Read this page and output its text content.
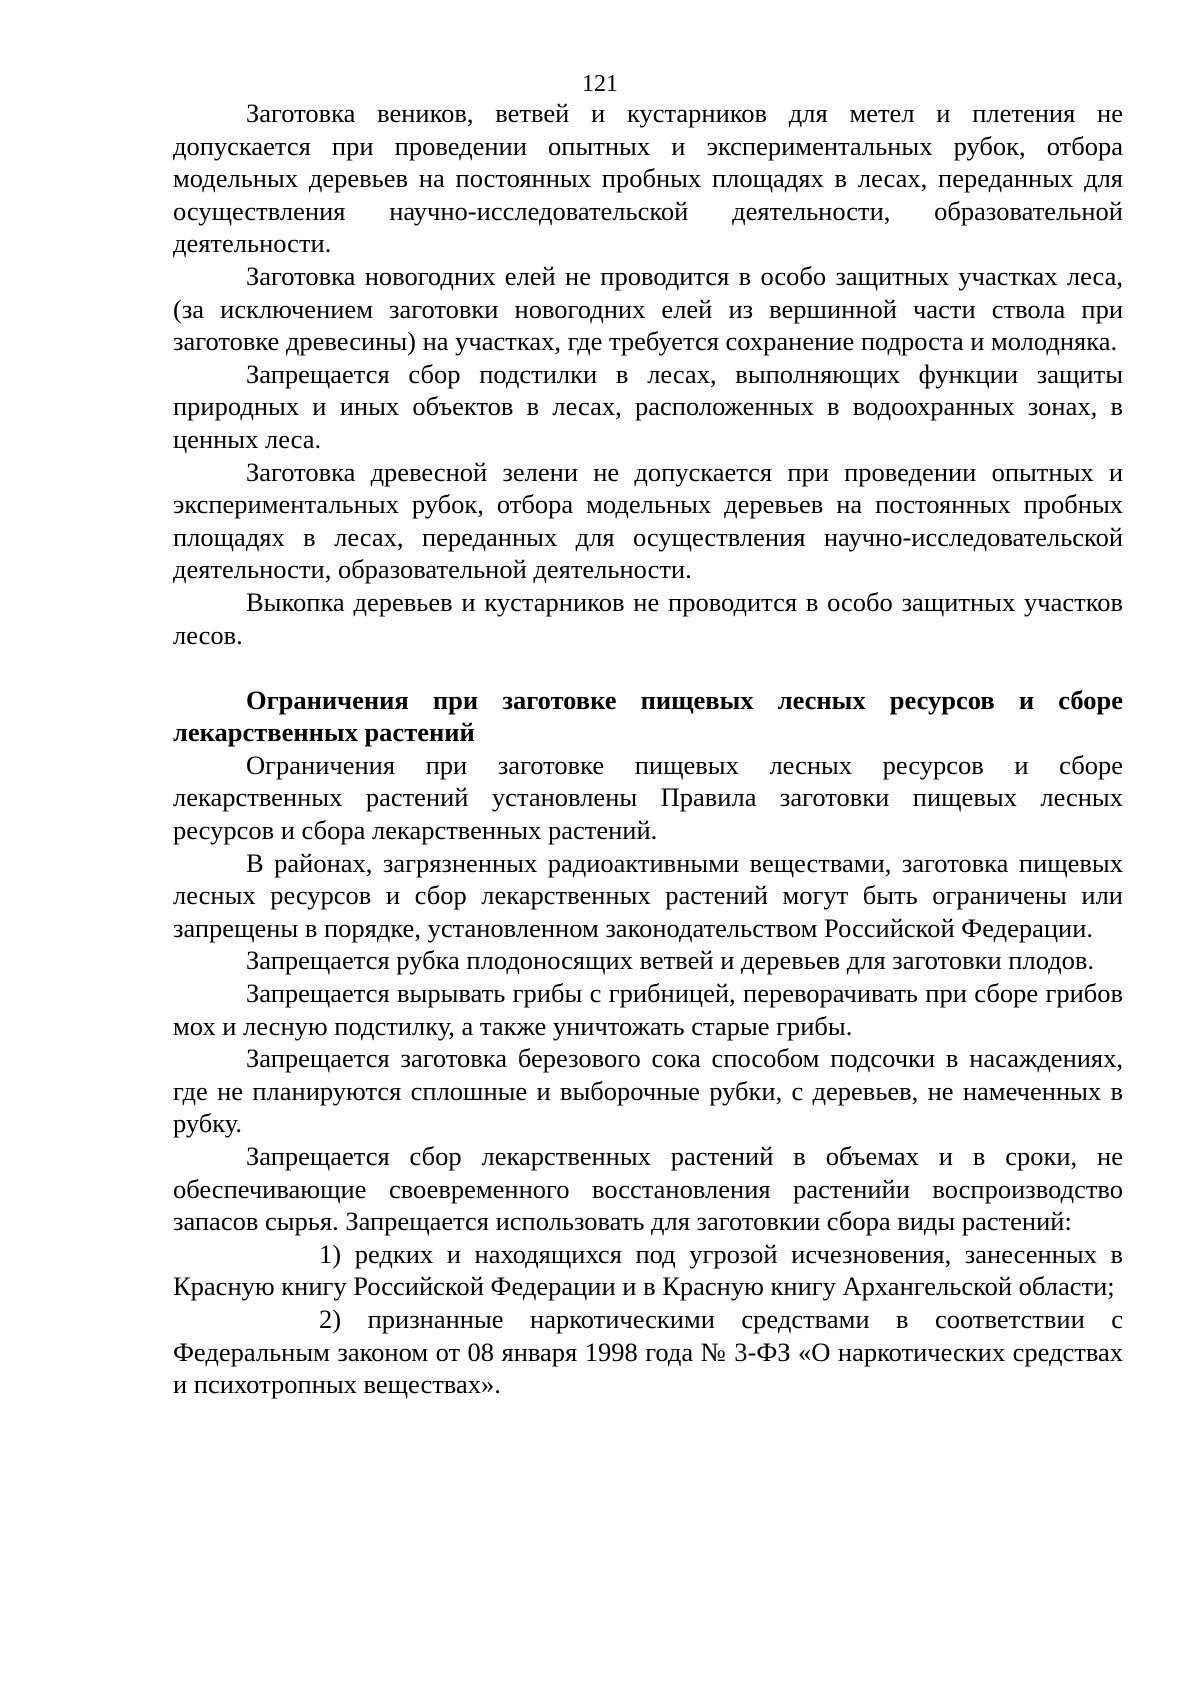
121

Заготовка веников, ветвей и кустарников для метел и плетения не допускается при проведении опытных и экспериментальных рубок, отбора модельных деревьев на постоянных пробных площадях в лесах, переданных для осуществления научно-исследовательской деятельности, образовательной деятельности.

Заготовка новогодних елей не проводится в особо защитных участках леса, (за исключением заготовки новогодних елей из вершинной части ствола при заготовке древесины) на участках, где требуется сохранение подроста и молодняка.

Запрещается сбор подстилки в лесах, выполняющих функции защиты природных и иных объектов в лесах, расположенных в водоохранных зонах, в ценных леса.

Заготовка древесной зелени не допускается при проведении опытных и экспериментальных рубок, отбора модельных деревьев на постоянных пробных площадях в лесах, переданных для осуществления научно-исследовательской деятельности, образовательной деятельности.

Выкопка деревьев и кустарников не проводится в особо защитных участков лесов.

Ограничения при заготовке пищевых лесных ресурсов и сборе лекарственных растений

Ограничения при заготовке пищевых лесных ресурсов и сборе лекарственных растений установлены Правила заготовки пищевых лесных ресурсов и сбора лекарственных растений.

В районах, загрязненных радиоактивными веществами, заготовка пищевых лесных ресурсов и сбор лекарственных растений могут быть ограничены или запрещены в порядке, установленном законодательством Российской Федерации.

Запрещается рубка плодоносящих ветвей и деревьев для заготовки плодов.

Запрещается вырывать грибы с грибницей, переворачивать при сборе грибов мох и лесную подстилку, а также уничтожать старые грибы.

Запрещается заготовка березового сока способом подсочки в насаждениях, где не планируются сплошные и выборочные рубки, с деревьев, не намеченных в рубку.

Запрещается сбор лекарственных растений в объемах и в сроки, не обеспечивающие своевременного восстановления растенийи воспроизводство запасов сырья. Запрещается использовать для заготовкии сбора виды растений:

1) редких и находящихся под угрозой исчезновения, занесенных в Красную книгу Российской Федерации и в Красную книгу Архангельской области;

2) признанные наркотическими средствами в соответствии с Федеральным законом от 08 января 1998 года № 3-ФЗ «О наркотических средствах и психотропных веществах».
